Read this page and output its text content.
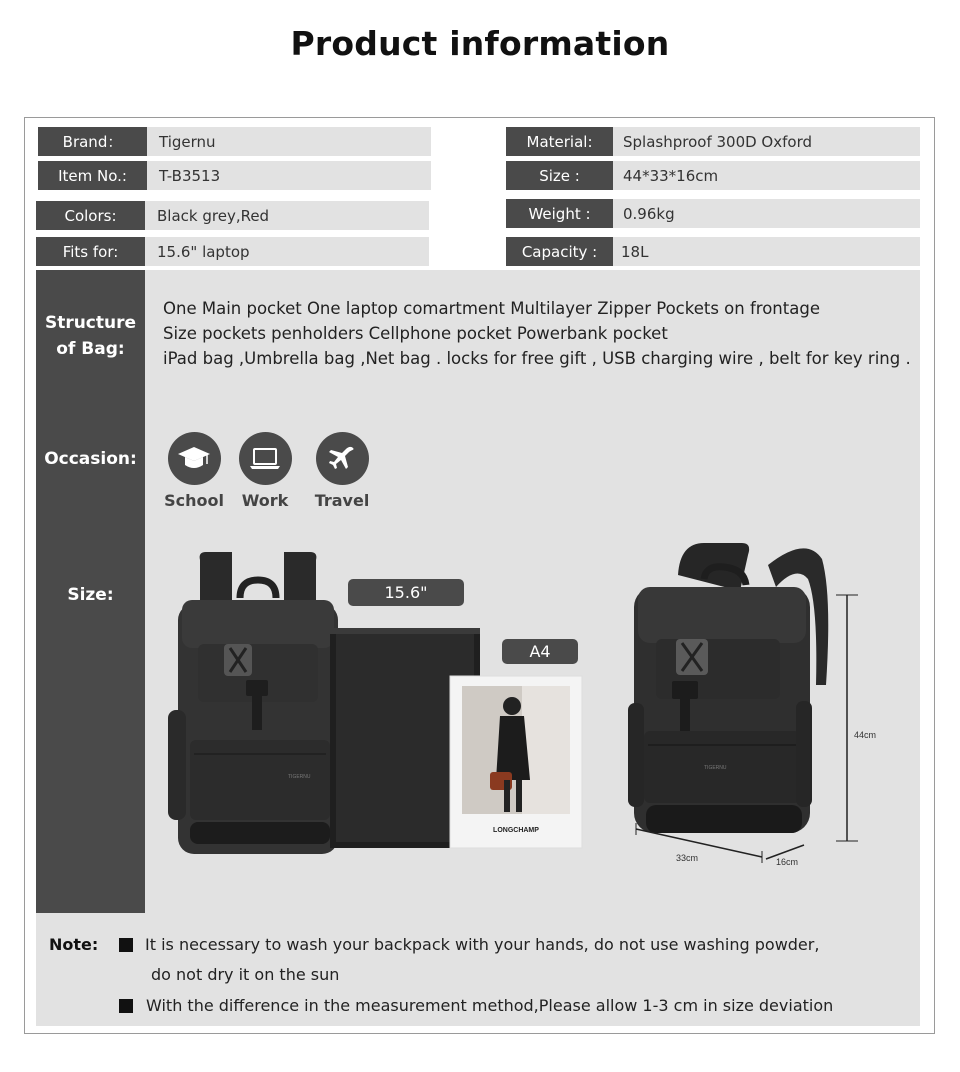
Product information
Brand：	Tigernu
Item No.:	T-B3513
Colors:	Black grey,Red
Fits for:	15.6" laptop
Material:	Splashproof 300D Oxford
Size :	44*33*16cm
Weight :	0.96kg
Capacity :	18L
Structure
of Bag:
One Main pocket One laptop comartment Multilayer Zipper Pockets on frontage
Size pockets penholders Cellphone pocket Powerbank pocket
iPad bag ,Umbrella bag ,Net bag . locks for free gift , USB charging wire , belt for key ring .
Occasion:
School	Work	Travel
Size:
TIGERNU
LONGCHAMP
15.6"
A4
TIGERNU
44cm
33cm	16cm
Note:	It is necessary to wash your backpack with your hands, do not use washing powder,
do not dry it on the sun
With the difference in the measurement method,Please allow 1-3 cm in size deviation
